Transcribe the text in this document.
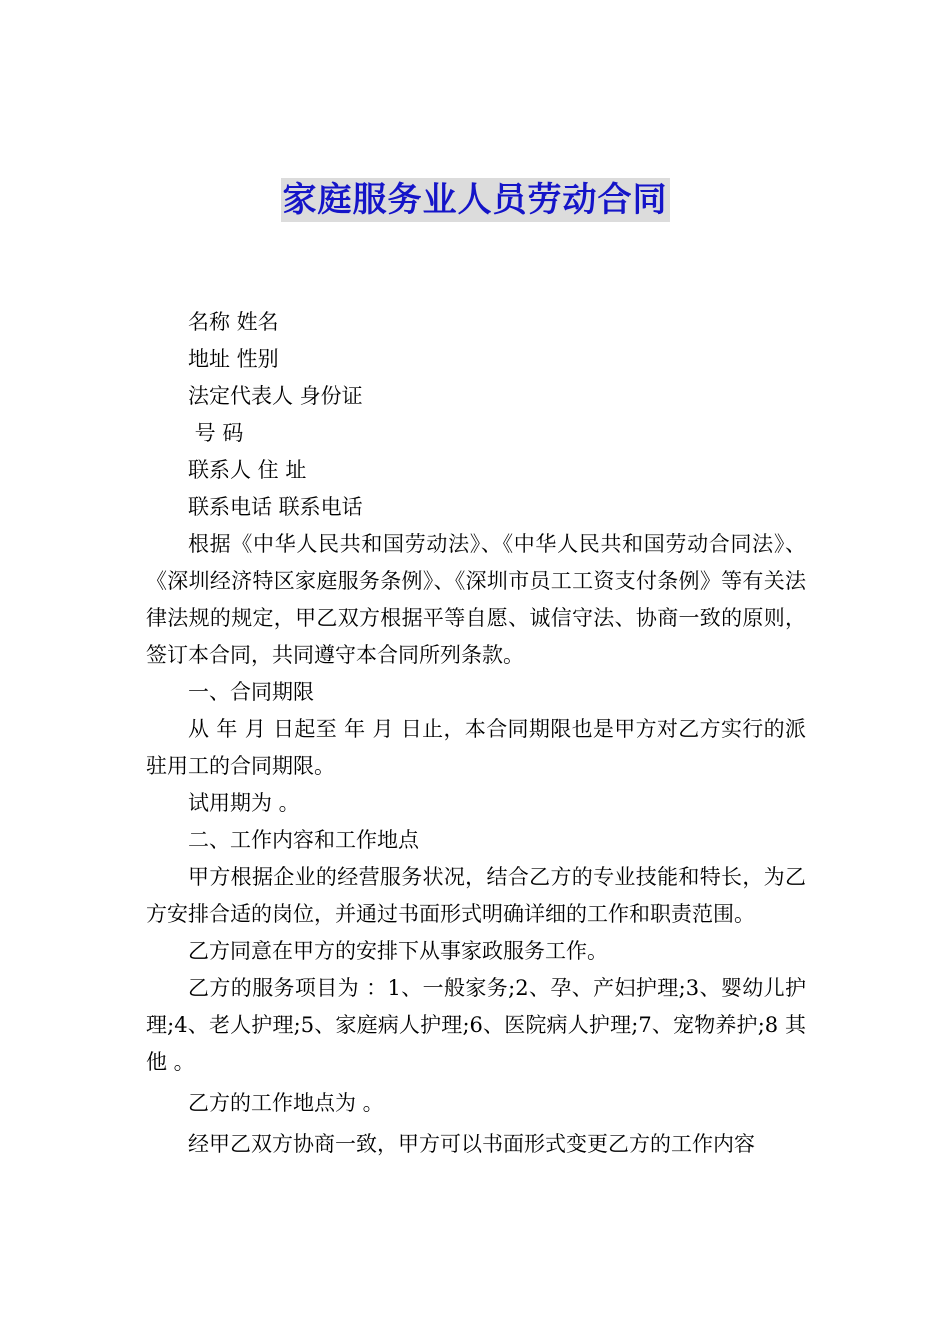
家庭服务业人员劳动合同

名称 姓名

地址 性别

法定代表人 身份证

号 码

联系人 住 址

联系电话 联系电话

根据《中华人民共和国劳动法》、《中华人民共和国劳动合同法》、《深圳经济特区家庭服务条例》、《深圳市员工工资支付条例》等有关法律法规的规定，甲乙双方根据平等自愿、诚信守法、协商一致的原则，签订本合同，共同遵守本合同所列条款。

一、合同期限

从 年 月 日起至 年 月 日止，本合同期限也是甲方对乙方实行的派驻用工的合同期限。

试用期为 。

二、工作内容和工作地点

甲方根据企业的经营服务状况，结合乙方的专业技能和特长，为乙方安排合适的岗位，并通过书面形式明确详细的工作和职责范围。

乙方同意在甲方的安排下从事家政服务工作。

乙方的服务项目为 ：1、一般家务;2、孕、产妇护理;3、婴幼儿护理;4、老人护理;5、家庭病人护理;6、医院病人护理;7、宠物养护;8 其他 。

乙方的工作地点为 。

经甲乙双方协商一致，甲方可以书面形式变更乙方的工作内容
